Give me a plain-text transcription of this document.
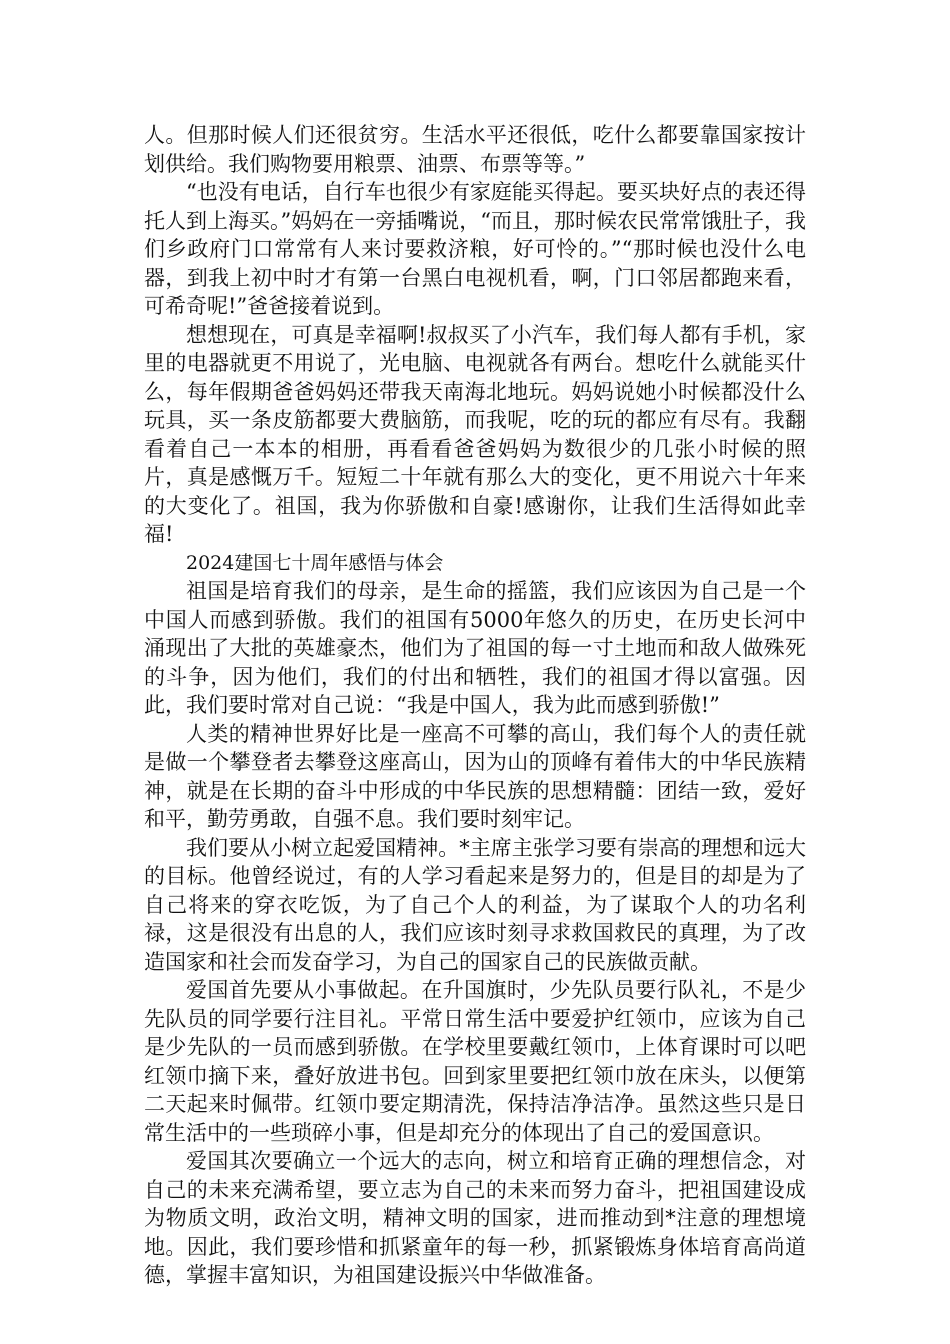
人。但那时候人们还很贫穷。生活水平还很低，吃什么都要靠国家按计划供给。我们购物要用粮票、油票、布票等等。”

“也没有电话，自行车也很少有家庭能买得起。要买块好点的表还得托人到上海买。”妈妈在一旁插嘴说，“而且，那时候农民常常饿肚子，我们乡政府门口常常有人来讨要救济粮，好可怜的。”“那时候也没什么电器，到我上初中时才有第一台黑白电视机看，啊，门口邻居都跑来看，可希奇呢!”爸爸接着说到。

想想现在，可真是幸福啊!叔叔买了小汽车，我们每人都有手机，家里的电器就更不用说了，光电脑、电视就各有两台。想吃什么就能买什么，每年假期爸爸妈妈还带我天南海北地玩。妈妈说她小时候都没什么玩具，买一条皮筋都要大费脑筋，而我呢，吃的玩的都应有尽有。我翻看着自己一本本的相册，再看看爸爸妈妈为数很少的几张小时候的照片，真是感慨万千。短短二十年就有那么大的变化，更不用说六十年来的大变化了。祖国，我为你骄傲和自豪!感谢你，让我们生活得如此幸福!

2024建国七十周年感悟与体会

祖国是培育我们的母亲，是生命的摇篮，我们应该因为自己是一个中国人而感到骄傲。我们的祖国有5000年悠久的历史，在历史长河中涌现出了大批的英雄豪杰，他们为了祖国的每一寸土地而和敌人做殊死的斗争，因为他们，我们的付出和牺牲，我们的祖国才得以富强。因此，我们要时常对自己说：“我是中国人，我为此而感到骄傲!”

人类的精神世界好比是一座高不可攀的高山，我们每个人的责任就是做一个攀登者去攀登这座高山，因为山的顶峰有着伟大的中华民族精神，就是在长期的奋斗中形成的中华民族的思想精髓：团结一致，爱好和平，勤劳勇敢，自强不息。我们要时刻牢记。

我们要从小树立起爱国精神。*主席主张学习要有崇高的理想和远大的目标。他曾经说过，有的人学习看起来是努力的，但是目的却是为了自己将来的穿衣吃饭，为了自己个人的利益，为了谋取个人的功名利禄，这是很没有出息的人，我们应该时刻寻求救国救民的真理，为了改造国家和社会而发奋学习，为自己的国家自己的民族做贡献。

爱国首先要从小事做起。在升国旗时，少先队员要行队礼，不是少先队员的同学要行注目礼。平常日常生活中要爱护红领巾，应该为自己是少先队的一员而感到骄傲。在学校里要戴红领巾，上体育课时可以吧红领巾摘下来，叠好放进书包。回到家里要把红领巾放在床头，以便第二天起来时佩带。红领巾要定期清洗，保持洁净洁净。虽然这些只是日常生活中的一些琐碎小事，但是却充分的体现出了自己的爱国意识。

爱国其次要确立一个远大的志向，树立和培育正确的理想信念，对自己的未来充满希望，要立志为自己的未来而努力奋斗，把祖国建设成为物质文明，政治文明，精神文明的国家，进而推动到*注意的理想境地。因此，我们要珍惜和抓紧童年的每一秒，抓紧锻炼身体培育高尚道德，掌握丰富知识，为祖国建设振兴中华做准备。
